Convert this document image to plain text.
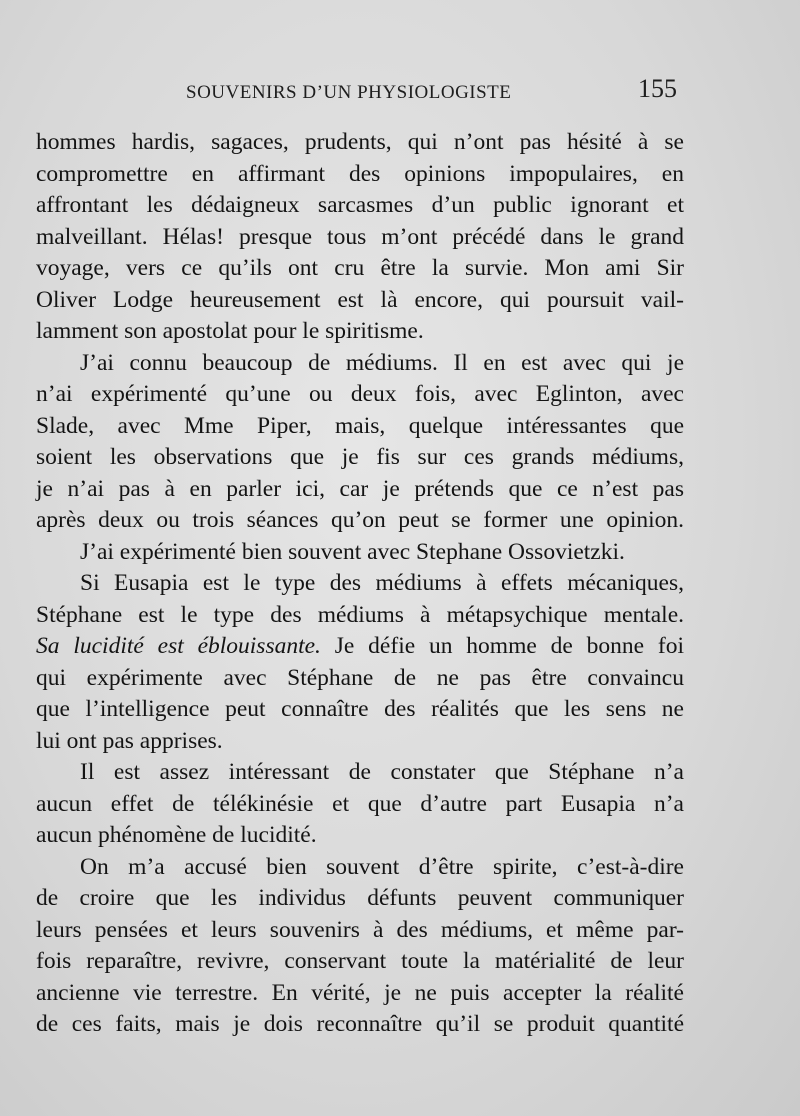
SOUVENIRS D’UN PHYSIOLOGISTE	155
hommes hardis, sagaces, prudents, qui n’ont pas hésité à se
compromettre en affirmant des opinions impopulaires, en
affrontant les dédaigneux sarcasmes d’un public ignorant et
malveillant. Hélas! presque tous m’ont précédé dans le grand
voyage, vers ce qu’ils ont cru être la survie. Mon ami Sir
Oliver Lodge heureusement est là encore, qui poursuit vail-
lamment son apostolat pour le spiritisme.
J’ai connu beaucoup de médiums. Il en est avec qui je
n’ai expérimenté qu’une ou deux fois, avec Eglinton, avec
Slade, avec Mme Piper, mais, quelque intéressantes que
soient les observations que je fis sur ces grands médiums,
je n’ai pas à en parler ici, car je prétends que ce n’est pas
après deux ou trois séances qu’on peut se former une opinion.
J’ai expérimenté bien souvent avec Stephane Ossovietzki.
Si Eusapia est le type des médiums à effets mécaniques,
Stéphane est le type des médiums à métapsychique mentale.
Sa lucidité est éblouissante. Je défie un homme de bonne foi
qui expérimente avec Stéphane de ne pas être convaincu
que l’intelligence peut connaître des réalités que les sens ne
lui ont pas apprises.
Il est assez intéressant de constater que Stéphane n’a
aucun effet de télékinésie et que d’autre part Eusapia n’a
aucun phénomène de lucidité.
On m’a accusé bien souvent d’être spirite, c’est-à-dire
de croire que les individus défunts peuvent communiquer
leurs pensées et leurs souvenirs à des médiums, et même par-
fois reparaître, revivre, conservant toute la matérialité de leur
ancienne vie terrestre. En vérité, je ne puis accepter la réalité
de ces faits, mais je dois reconnaître qu’il se produit quantité
